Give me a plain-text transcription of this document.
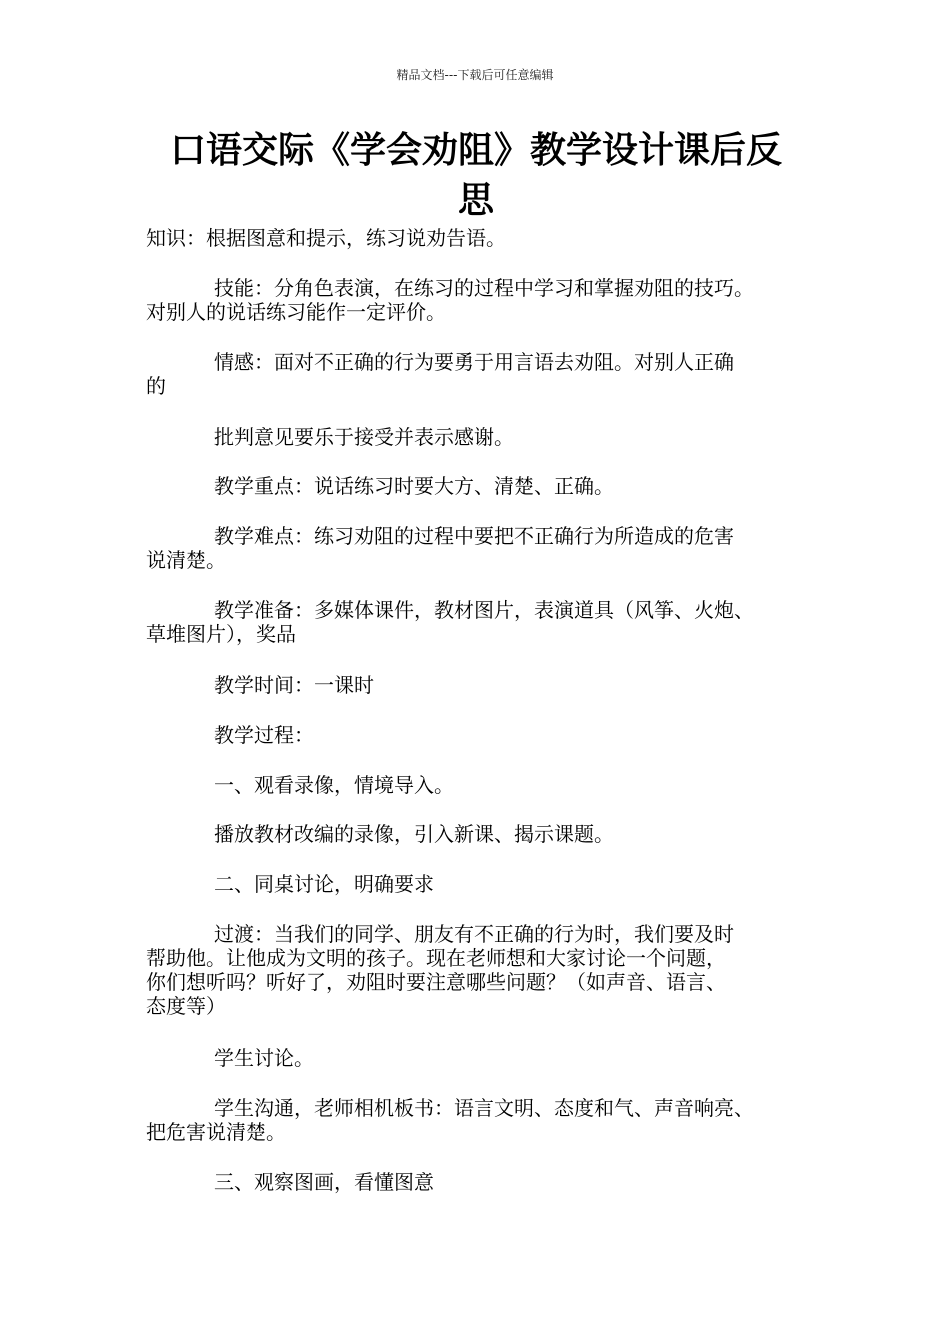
精品文档---下载后可任意编辑
口语交际《学会劝阻》教学设计课后反
思
知识：根据图意和提示，练习说劝告语。
技能：分角色表演，在练习的过程中学习和掌握劝阻的技巧。
对别人的说话练习能作一定评价。
情感：面对不正确的行为要勇于用言语去劝阻。对别人正确
的
批判意见要乐于接受并表示感谢。
教学重点：说话练习时要大方、清楚、正确。
教学难点：练习劝阻的过程中要把不正确行为所造成的危害
说清楚。
教学准备：多媒体课件，教材图片，表演道具（风筝、火炮、
草堆图片），奖品
教学时间：一课时
教学过程：
一、观看录像，情境导入。
播放教材改编的录像，引入新课、揭示课题。
二、同桌讨论，明确要求
过渡：当我们的同学、朋友有不正确的行为时，我们要及时
帮助他。让他成为文明的孩子。现在老师想和大家讨论一个问题，
你们想听吗？听好了，劝阻时要注意哪些问题？（如声音、语言、
态度等）
学生讨论。
学生沟通，老师相机板书：语言文明、态度和气、声音响亮、
把危害说清楚。
三、观察图画，看懂图意
